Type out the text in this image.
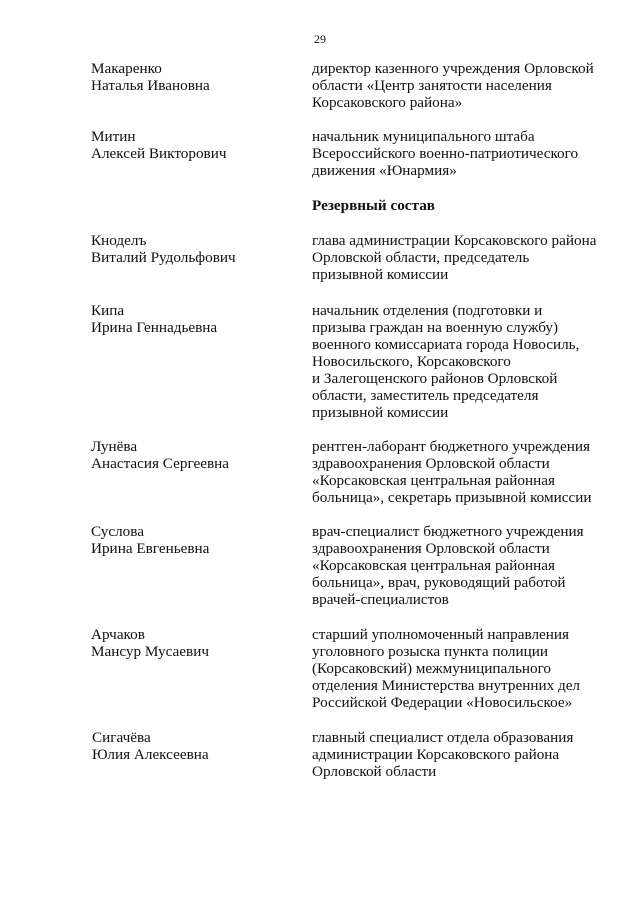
29
Макаренко
Наталья Ивановна
директор казенного учреждения Орловской
области «Центр занятости населения
Корсаковского района»
Митин
Алексей Викторович
начальник муниципального штаба
Всероссийского военно-патриотического
движения «Юнармия»
Резервный состав
Кноделъ
Виталий Рудольфович
глава администрации Корсаковского района
Орловской области, председатель
призывной комиссии
Кипа
Ирина Геннадьевна
начальник отделения (подготовки и
призыва граждан на военную службу)
военного комиссариата города Новосиль,
Новосильского, Корсаковского
и Залегощенского районов Орловской
области, заместитель председателя
призывной комиссии
Лунёва
Анастасия Сергеевна
рентген-лаборант бюджетного учреждения
здравоохранения Орловской области
«Корсаковская центральная районная
больница», секретарь призывной комиссии
Суслова
Ирина Евгеньевна
врач-специалист бюджетного учреждения
здравоохранения Орловской области
«Корсаковская центральная районная
больница», врач, руководящий работой
врачей-специалистов
Арчаков
Мансур Мусаевич
старший уполномоченный направления
уголовного розыска пункта полиции
(Корсаковский) межмуниципального
отделения Министерства внутренних дел
Российской Федерации «Новосильское»
Сигачёва
Юлия Алексеевна
главный специалист отдела образования
администрации Корсаковского района
Орловской области
